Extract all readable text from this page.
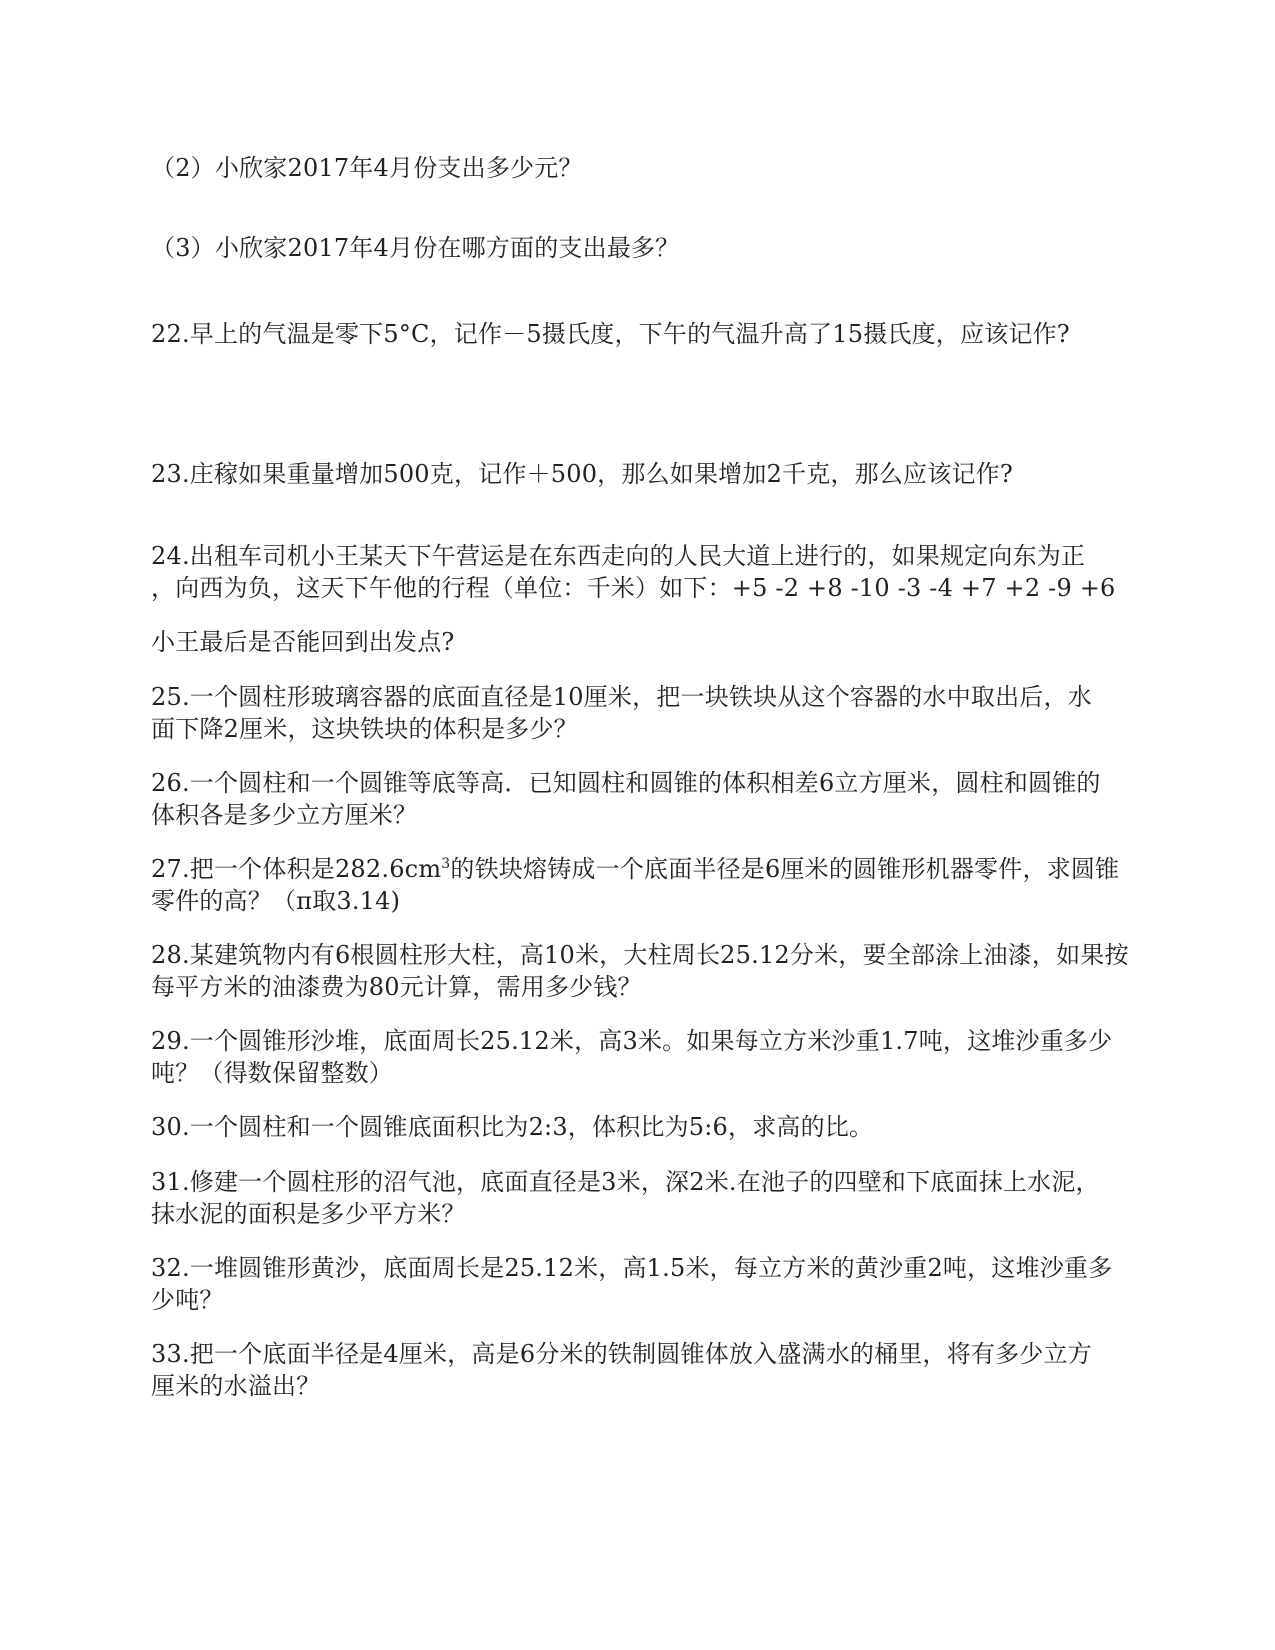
（2）小欣家2017年4月份支出多少元？
（3）小欣家2017年4月份在哪方面的支出最多？
22.早上的气温是零下5°C，记作－5摄氏度，下午的气温升高了15摄氏度，应该记作?
23.庄稼如果重量增加500克，记作＋500，那么如果增加2千克，那么应该记作?
24.出租车司机小王某天下午营运是在东西走向的人民大道上进行的，如果规定向东为正
，向西为负，这天下午他的行程（单位：千米）如下：+5 -2 +8 -10 -3 -4 +7 +2 -9 +6
小王最后是否能回到出发点?
25.一个圆柱形玻璃容器的底面直径是10厘米，把一块铁块从这个容器的水中取出后，水
面下降2厘米，这块铁块的体积是多少？
26.一个圆柱和一个圆锥等底等高．已知圆柱和圆锥的体积相差6立方厘米，圆柱和圆锥的
体积各是多少立方厘米？
27.把一个体积是$282.6cm^3$的铁块熔铸成一个底面半径是6厘米的圆锥形机器零件，求圆锥
零件的高？（π取3.14)
28.某建筑物内有6根圆柱形大柱，高10米，大柱周长25.12分米，要全部涂上油漆，如果按
每平方米的油漆费为80元计算，需用多少钱？
29.一个圆锥形沙堆，底面周长25.12米，高3米。如果每立方米沙重1.7吨，这堆沙重多少
吨？（得数保留整数）
30.一个圆柱和一个圆锥底面积比为2:3，体积比为5:6，求高的比。
31.修建一个圆柱形的沼气池，底面直径是3米，深2米.在池子的四壁和下底面抹上水泥，
抹水泥的面积是多少平方米？
32.一堆圆锥形黄沙，底面周长是25.12米，高1.5米，每立方米的黄沙重2吨，这堆沙重多
少吨？
33.把一个底面半径是4厘米，高是6分米的铁制圆锥体放入盛满水的桶里，将有多少立方
厘米的水溢出？
